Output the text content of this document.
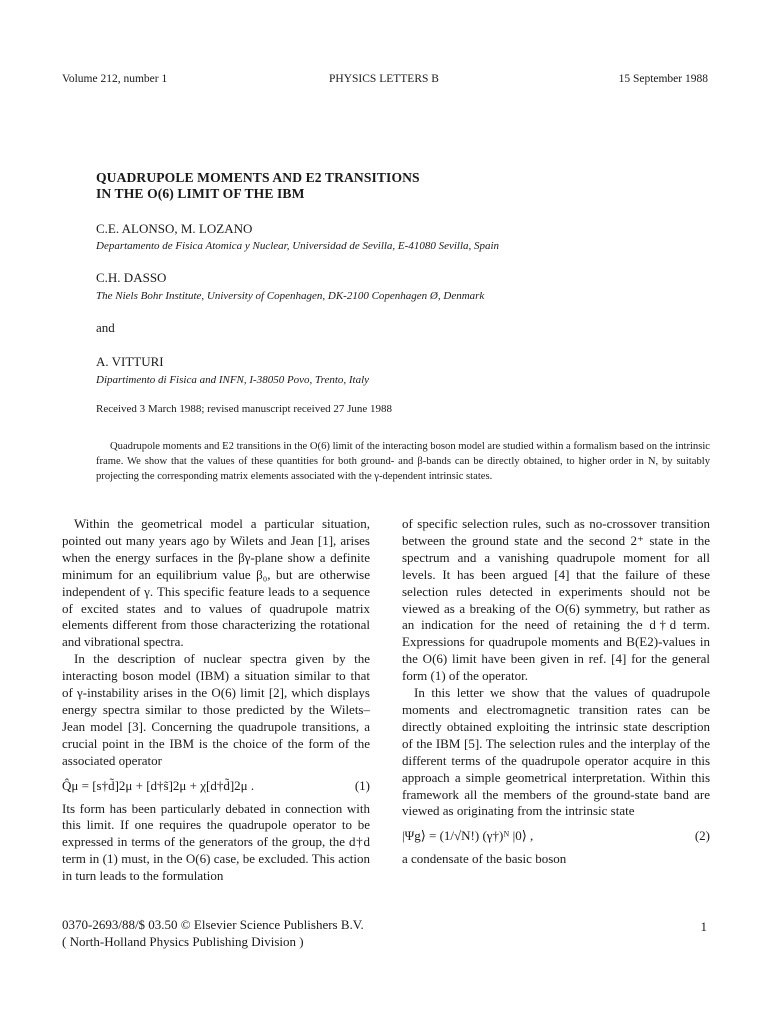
Volume 212, number 1	PHYSICS LETTERS B	15 September 1988
QUADRUPOLE MOMENTS AND E2 TRANSITIONS
IN THE O(6) LIMIT OF THE IBM
C.E. ALONSO, M. LOZANO
Departamento de Fisica Atomica y Nuclear, Universidad de Sevilla, E-41080 Sevilla, Spain
C.H. DASSO
The Niels Bohr Institute, University of Copenhagen, DK-2100 Copenhagen Ø, Denmark
and
A. VITTURI
Dipartimento di Fisica and INFN, I-38050 Povo, Trento, Italy
Received 3 March 1988; revised manuscript received 27 June 1988
Quadrupole moments and E2 transitions in the O(6) limit of the interacting boson model are studied within a formalism based on the intrinsic frame. We show that the values of these quantities for both ground- and β-bands can be directly obtained, to higher order in N, by suitably projecting the corresponding matrix elements associated with the γ-dependent intrinsic states.

Within the geometrical model a particular situation, pointed out many years ago by Wilets and Jean [1], arises when the energy surfaces in the βγ-plane show a definite minimum for an equilibrium value β₀, but are otherwise independent of γ. This specific feature leads to a sequence of excited states and to values of quadrupole matrix elements different from those characterizing the rotational and vibrational spectra.

In the description of nuclear spectra given by the interacting boson model (IBM) a situation similar to that of γ-instability arises in the O(6) limit [2], which displays energy spectra similar to those predicted by the Wilets–Jean model [3]. Concerning the quadrupole transitions, a crucial point in the IBM is the choice of the form of the associated operator

Q̂μ = [s†d̃]2μ + [d†s̃]2μ + χ[d†d̃]2μ .	(1)

Its form has been particularly debated in connection with this limit. If one requires the quadrupole operator to be expressed in terms of the generators of the group, the d†d term in (1) must, in the O(6) case, be excluded. This action in turn leads to the formulation

of specific selection rules, such as no-crossover transition between the ground state and the second 2⁺ state in the spectrum and a vanishing quadrupole moment for all levels. It has been argued [4] that the failure of these selection rules detected in experiments should not be viewed as a breaking of the O(6) symmetry, but rather as an indication for the need of retaining the d†d term. Expressions for quadrupole moments and B(E2)-values in the O(6) limit have been given in ref. [4] for the general form (1) of the operator.

In this letter we show that the values of quadrupole moments and electromagnetic transition rates can be directly obtained exploiting the intrinsic state description of the IBM [5]. The selection rules and the interplay of the different terms of the quadrupole operator acquire in this approach a simple geometrical interpretation. Within this framework all the members of the ground-state band are viewed as originating from the intrinsic state

|Ψg⟩ = (1/√N!) (γ†)ᴺ |0⟩ ,	(2)

a condensate of the basic boson

0370-2693/88/$ 03.50 © Elsevier Science Publishers B.V.
( North-Holland Physics Publishing Division )
1
